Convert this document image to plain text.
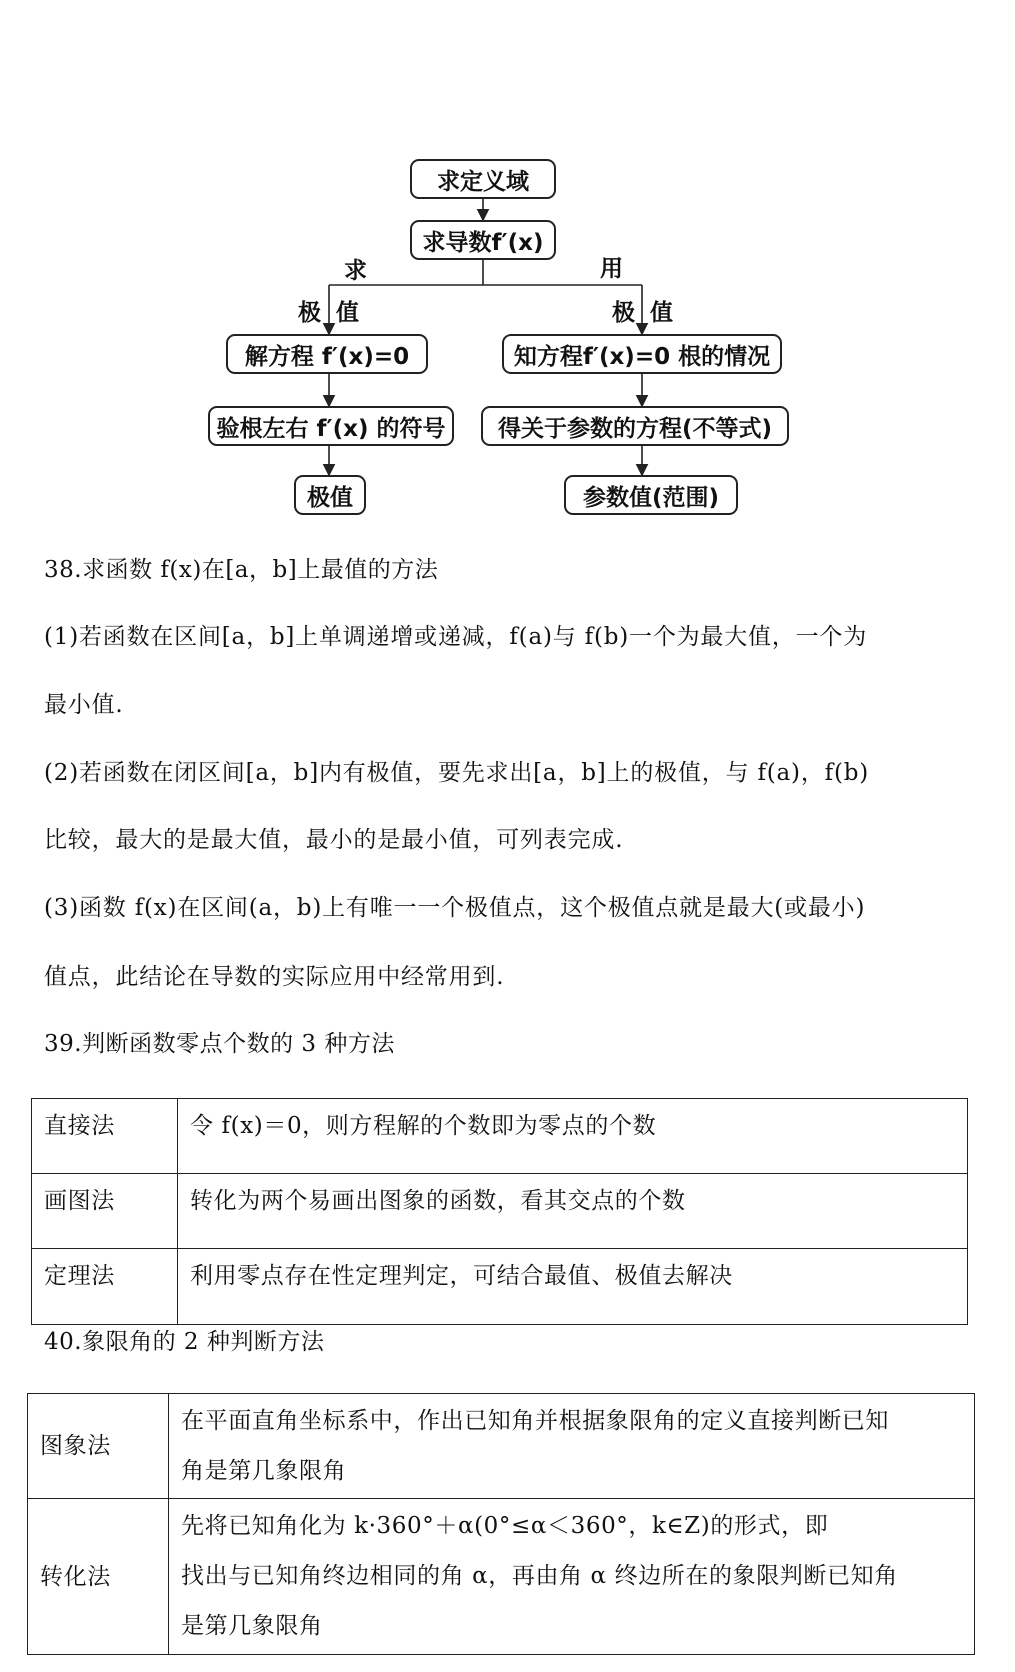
求定义域
求导数f′(x)
求	用
极 值	极 值
解方程 f′(x)=0	知方程f′(x)=0 根的情况
验根左右 f′(x) 的符号	得关于参数的方程(不等式)
极值	参数值(范围)
38.求函数 f(x)在[a，b]上最值的方法
(1)若函数在区间[a，b]上单调递增或递减，f(a)与 f(b)一个为最大值，一个为
最小值.
(2)若函数在闭区间[a，b]内有极值，要先求出[a，b]上的极值，与 f(a)，f(b)
比较，最大的是最大值，最小的是最小值，可列表完成.
(3)函数 f(x)在区间(a，b)上有唯一一个极值点，这个极值点就是最大(或最小)
值点，此结论在导数的实际应用中经常用到.
39.判断函数零点个数的 3 种方法
直接法	令 f(x)＝0，则方程解的个数即为零点的个数
画图法	转化为两个易画出图象的函数，看其交点的个数
定理法	利用零点存在性定理判定，可结合最值、极值去解决
40.象限角的 2 种判断方法
图象法	在平面直角坐标系中，作出已知角并根据象限角的定义直接判断已知
角是第几象限角

转化法	先将已知角化为 k·360°＋α(0°≤α＜360°，k∈Z)的形式，即
找出与已知角终边相同的角 α，再由角 α 终边所在的象限判断已知角
是第几象限角
